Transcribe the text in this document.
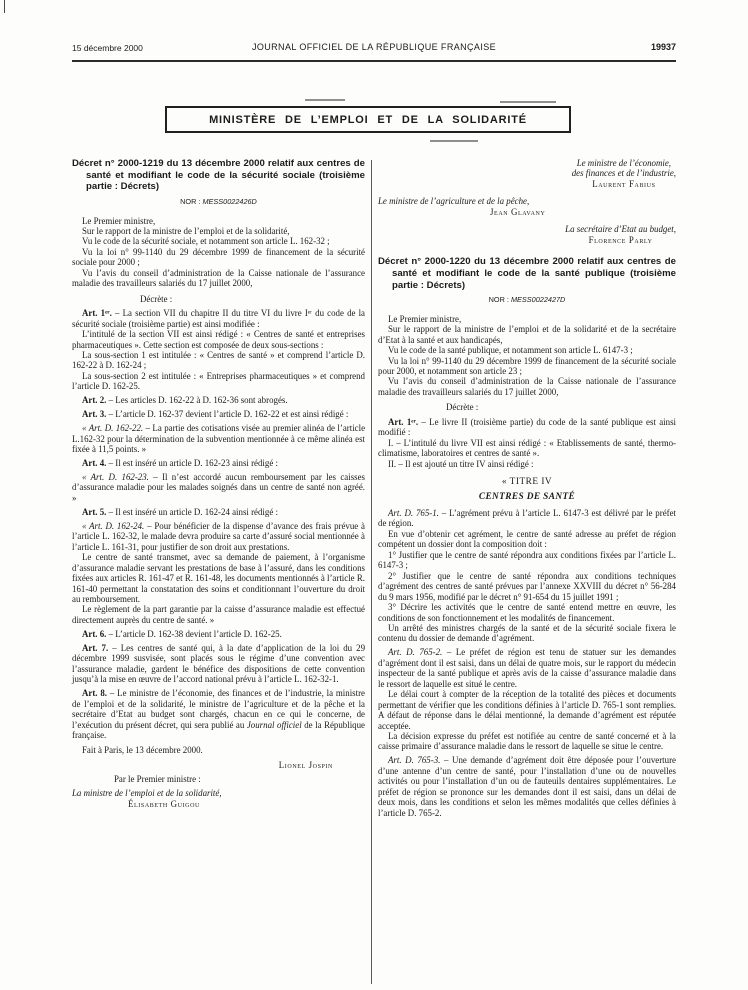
15 décembre 2000	JOURNAL OFFICIEL DE LA RÉPUBLIQUE FRANÇAISE	19937
MINISTÈRE DE L’EMPLOI ET DE LA SOLIDARITÉ
Décret n° 2000-1219 du 13 décembre 2000 relatif aux centres de santé et modifiant le code de la sécurité sociale (troisième partie : Décrets)
NOR : MESS0022426D

Le Premier ministre,

Sur le rapport de la ministre de l’emploi et de la solidarité,

Vu le code de la sécurité sociale, et notamment son article L. 162-32 ;

Vu la loi n° 99-1140 du 29 décembre 1999 de financement de la sécurité sociale pour 2000 ;

Vu l’avis du conseil d’administration de la Caisse nationale de l’assurance maladie des travailleurs salariés du 17 juillet 2000,

Décrète :

Art. 1ᵉʳ. – La section VII du chapitre II du titre VI du livre Iᵉʳ du code de la sécurité sociale (troisième partie) est ainsi modifiée :

L’intitulé de la section VII est ainsi rédigé : « Centres de santé et entreprises pharmaceutiques ». Cette section est composée de deux sous-sections :

La sous-section 1 est intitulée : « Centres de santé » et comprend l’article D. 162-22 à D. 162-24 ;

La sous-section 2 est intitulée : « Entreprises pharmaceutiques » et comprend l’article D. 162-25.

Art. 2. – Les articles D. 162-22 à D. 162-36 sont abrogés.

Art. 3. – L’article D. 162-37 devient l’article D. 162-22 et est ainsi rédigé :

« Art. D. 162-22. – La partie des cotisations visée au premier alinéa de l’article L.162-32 pour la détermination de la subvention mentionnée à ce même alinéa est fixée à 11,5 points. »

Art. 4. – Il est inséré un article D. 162-23 ainsi rédigé :

« Art. D. 162-23. – Il n’est accordé aucun remboursement par les caisses d’assurance maladie pour les malades soignés dans un centre de santé non agréé. »

Art. 5. – Il est inséré un article D. 162-24 ainsi rédigé :

« Art. D. 162-24. – Pour bénéficier de la dispense d’avance des frais prévue à l’article L. 162-32, le malade devra produire sa carte d’assuré social mentionnée à l’article L. 161-31, pour justifier de son droit aux prestations.

Le centre de santé transmet, avec sa demande de paiement, à l’organisme d’assurance maladie servant les prestations de base à l’assuré, dans les conditions fixées aux articles R. 161-47 et R. 161-48, les documents mentionnés à l’article R. 161-40 permettant la constatation des soins et conditionnant l’ouverture du droit au remboursement.

Le règlement de la part garantie par la caisse d’assurance maladie est effectué directement auprès du centre de santé. »

Art. 6. – L’article D. 162-38 devient l’article D. 162-25.

Art. 7. – Les centres de santé qui, à la date d’application de la loi du 29 décembre 1999 susvisée, sont placés sous le régime d’une convention avec l’assurance maladie, gardent le bénéfice des dispositions de cette convention jusqu’à la mise en œuvre de l’accord national prévu à l’article L. 162-32-1.

Art. 8. – Le ministre de l’économie, des finances et de l’industrie, la ministre de l’emploi et de la solidarité, le ministre de l’agriculture et de la pêche et la secrétaire d’Etat au budget sont chargés, chacun en ce qui le concerne, de l’exécution du présent décret, qui sera publié au Journal officiel de la République française.

Fait à Paris, le 13 décembre 2000.

Lionel Jospin

Par le Premier ministre :

La ministre de l’emploi et de la solidarité,

Élisabeth Guigou

Le ministre de l’économie,
des finances et de l’industrie,
Laurent Fabius
Le ministre de l’agriculture et de la pêche,
Jean Glavany
La secrétaire d’Etat au budget,
Florence Parly
Décret n° 2000-1220 du 13 décembre 2000 relatif aux centres de santé et modifiant le code de la santé publique (troisième partie : Décrets)
NOR : MESS0022427D

Le Premier ministre,

Sur le rapport de la ministre de l’emploi et de la solidarité et de la secrétaire d’Etat à la santé et aux handicapés,

Vu le code de la santé publique, et notamment son article L. 6147-3 ;

Vu la loi n° 99-1140 du 29 décembre 1999 de financement de la sécurité sociale pour 2000, et notamment son article 23 ;

Vu l’avis du conseil d’administration de la Caisse nationale de l’assurance maladie des travailleurs salariés du 17 juillet 2000,

Décrète :

Art. 1ᵉʳ. – Le livre II (troisième partie) du code de la santé publique est ainsi modifié :

I. – L’intitulé du livre VII est ainsi rédigé : « Etablissements de santé, thermo-climatisme, laboratoires et centres de santé ».

II. – Il est ajouté un titre IV ainsi rédigé :

« TITRE IV

CENTRES DE SANTÉ

Art. D. 765-1. – L’agrément prévu à l’article L. 6147-3 est délivré par le préfet de région.

En vue d’obtenir cet agrément, le centre de santé adresse au préfet de région compétent un dossier dont la composition doit :

1° Justifier que le centre de santé répondra aux conditions fixées par l’article L. 6147-3 ;

2° Justifier que le centre de santé répondra aux conditions techniques d’agrément des centres de santé prévues par l’annexe XXVIII du décret n° 56-284 du 9 mars 1956, modifié par le décret n° 91-654 du 15 juillet 1991 ;

3° Décrire les activités que le centre de santé entend mettre en œuvre, les conditions de son fonctionnement et les modalités de financement.

Un arrêté des ministres chargés de la santé et de la sécurité sociale fixera le contenu du dossier de demande d’agrément.

Art. D. 765-2. – Le préfet de région est tenu de statuer sur les demandes d’agrément dont il est saisi, dans un délai de quatre mois, sur le rapport du médecin inspecteur de la santé publique et après avis de la caisse d’assurance maladie dans le ressort de laquelle est situé le centre.

Le délai court à compter de la réception de la totalité des pièces et documents permettant de vérifier que les conditions définies à l’article D. 765-1 sont remplies. A défaut de réponse dans le délai mentionné, la demande d’agrément est réputée acceptée.

La décision expresse du préfet est notifiée au centre de santé concerné et à la caisse primaire d’assurance maladie dans le ressort de laquelle se situe le centre.

Art. D. 765-3. – Une demande d’agrément doit être déposée pour l’ouverture d’une antenne d’un centre de santé, pour l’installation d’une ou de nouvelles activités ou pour l’installation d’un ou de fauteuils dentaires supplémentaires. Le préfet de région se prononce sur les demandes dont il est saisi, dans un délai de deux mois, dans les conditions et selon les mêmes modalités que celles définies à l’article D. 765-2.
